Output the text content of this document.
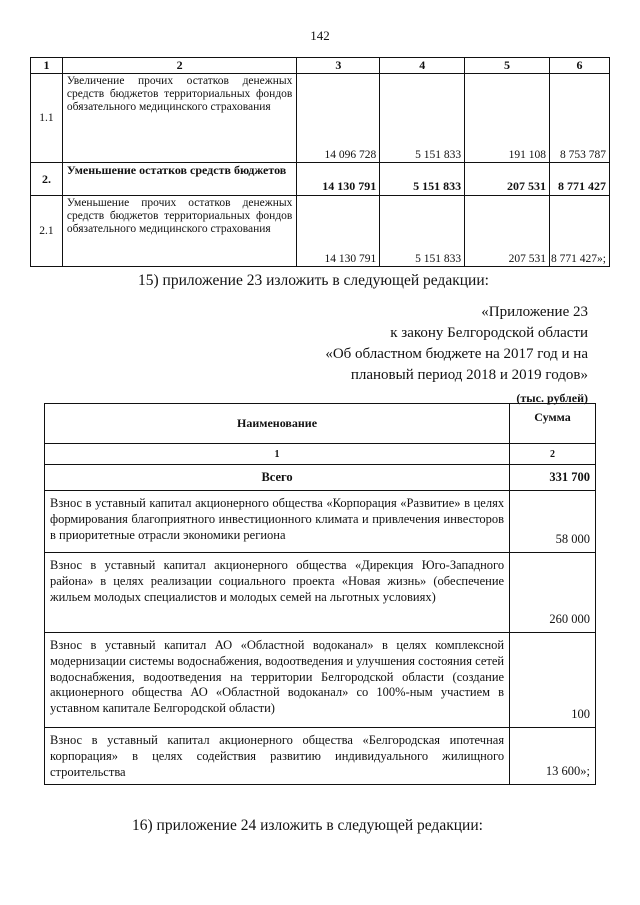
142
1	2	3	4	5	6
1.1	Увеличение прочих остатков денежных средств бюджетов территориальных фондов обязательного медицинского страхования	14 096 728	5 151 833	191 108	8 753 787
2.	Уменьшение остатков средств бюджетов	14 130 791	5 151 833	207 531	8 771 427
2.1	Уменьшение прочих остатков денежных средств бюджетов территориальных фондов обязательного медицинского страхования	14 130 791	5 151 833	207 531	8 771 427»;
15) приложение 23 изложить в следующей редакции:
«Приложение 23
к закону Белгородской области
«Об областном бюджете на 2017 год и на
плановый период 2018 и 2019 годов»
(тыс. рублей)
Наименование	Сумма
1	2
Всего	331 700
Взнос в уставный капитал акционерного общества «Корпорация «Развитие» в целях формирования благоприятного инвестиционного климата и привлечения инвесторов в приоритетные отрасли экономики региона	58 000
Взнос в уставный капитал акционерного общества «Дирекция Юго-Западного района» в целях реализации социального проекта «Новая жизнь» (обеспечение жильем молодых специалистов и молодых семей на льготных условиях)	260 000
Взнос в уставный капитал АО «Областной водоканал» в целях комплексной модернизации системы водоснабжения, водоотведения и улучшения состояния сетей водоснабжения, водоотведения на территории Белгородской области (создание акционерного общества АО «Областной водоканал» со 100%-ным участием в уставном капитале Белгородской области)	100
Взнос в уставный капитал акционерного общества «Белгородская ипотечная корпорация» в целях содействия развитию индивидуального жилищного строительства	13 600»;
16) приложение 24 изложить в следующей редакции:
